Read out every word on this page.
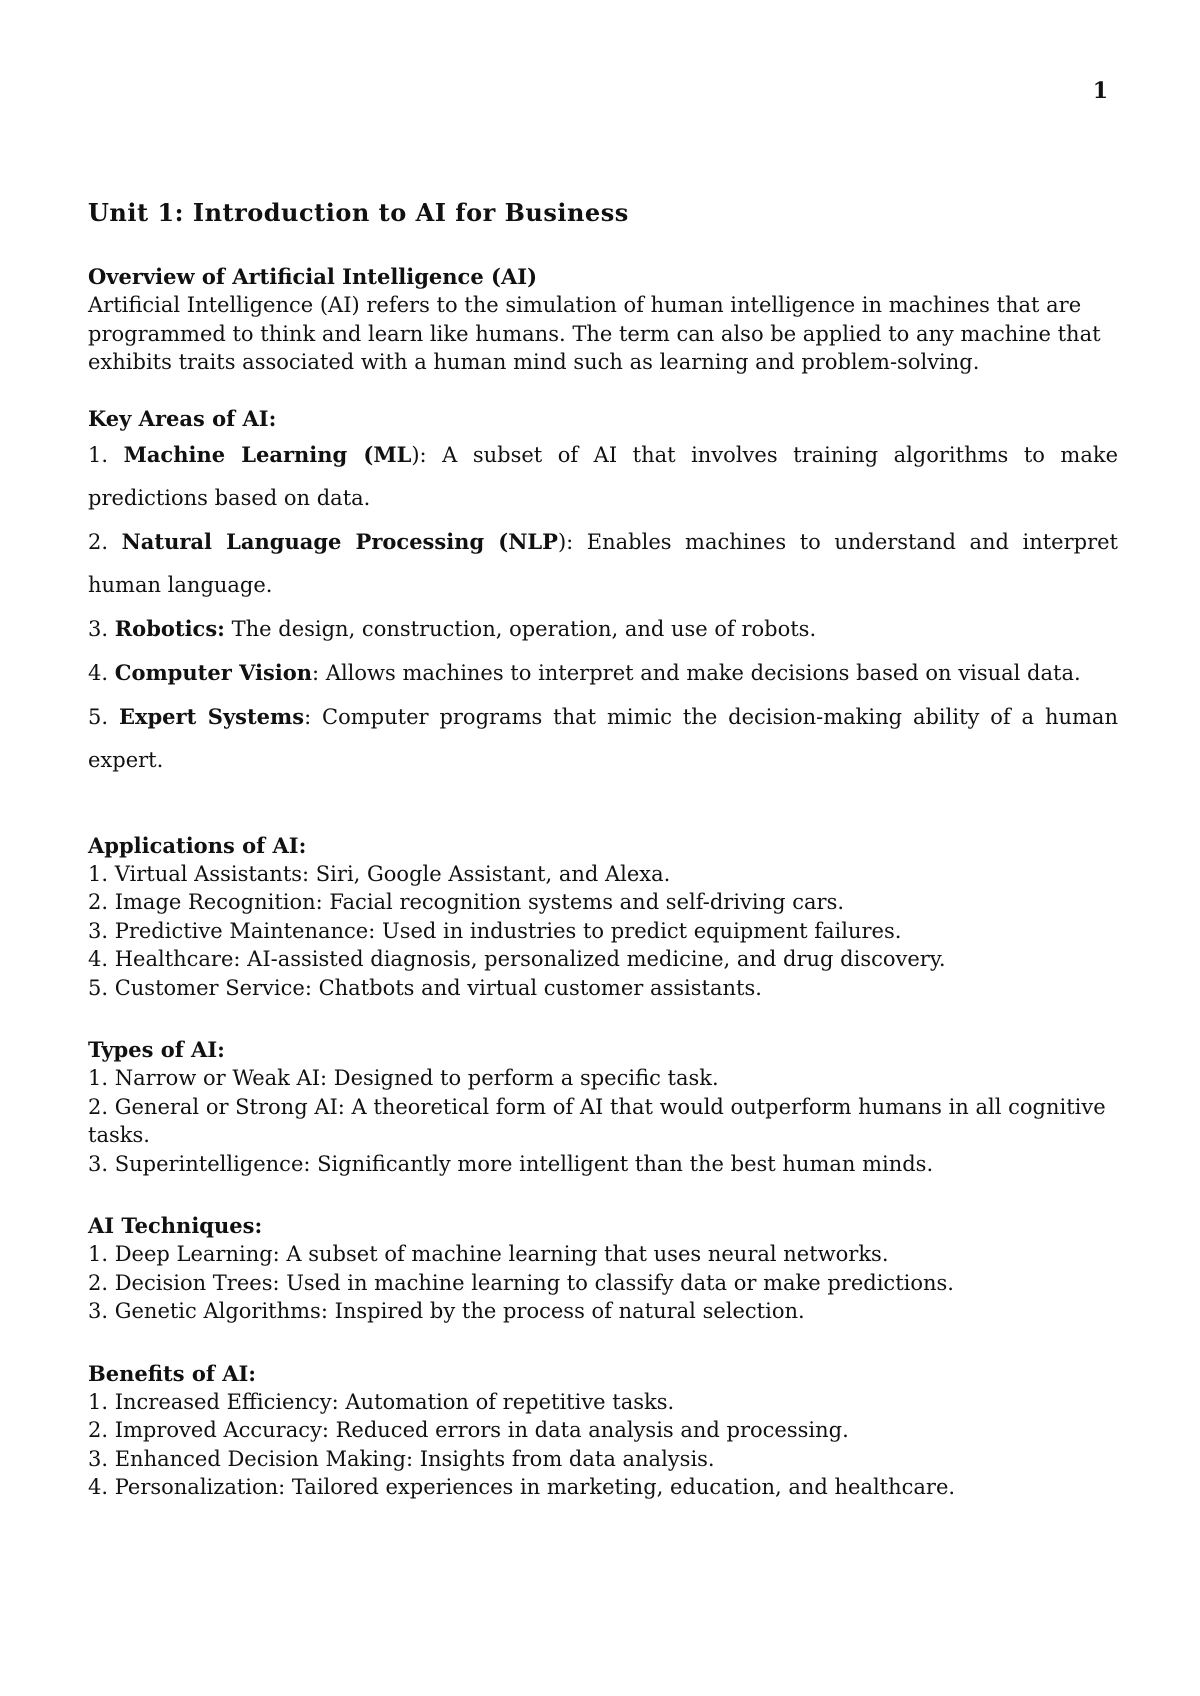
1
Unit 1: Introduction to AI for Business
Overview of Artificial Intelligence (AI)

Artificial Intelligence (AI) refers to the simulation of human intelligence in machines that are programmed to think and learn like humans. The term can also be applied to any machine that exhibits traits associated with a human mind such as learning and problem-solving.

Key Areas of AI:
1. Machine Learning (ML): A subset of AI that involves training algorithms to make predictions based on data.
2. Natural Language Processing (NLP): Enables machines to understand and interpret human language.
3. Robotics: The design, construction, operation, and use of robots.
4. Computer Vision: Allows machines to interpret and make decisions based on visual data.
5. Expert Systems: Computer programs that mimic the decision-making ability of a human expert.
Applications of AI:
1. Virtual Assistants: Siri, Google Assistant, and Alexa.
2. Image Recognition: Facial recognition systems and self-driving cars.
3. Predictive Maintenance: Used in industries to predict equipment failures.
4. Healthcare: AI-assisted diagnosis, personalized medicine, and drug discovery.
5. Customer Service: Chatbots and virtual customer assistants.
Types of AI:
1. Narrow or Weak AI: Designed to perform a specific task.
2. General or Strong AI: A theoretical form of AI that would outperform humans in all cognitive tasks.
3. Superintelligence: Significantly more intelligent than the best human minds.
AI Techniques:
1. Deep Learning: A subset of machine learning that uses neural networks.
2. Decision Trees: Used in machine learning to classify data or make predictions.
3. Genetic Algorithms: Inspired by the process of natural selection.
Benefits of AI:
1. Increased Efficiency: Automation of repetitive tasks.
2. Improved Accuracy: Reduced errors in data analysis and processing.
3. Enhanced Decision Making: Insights from data analysis.
4. Personalization: Tailored experiences in marketing, education, and healthcare.
